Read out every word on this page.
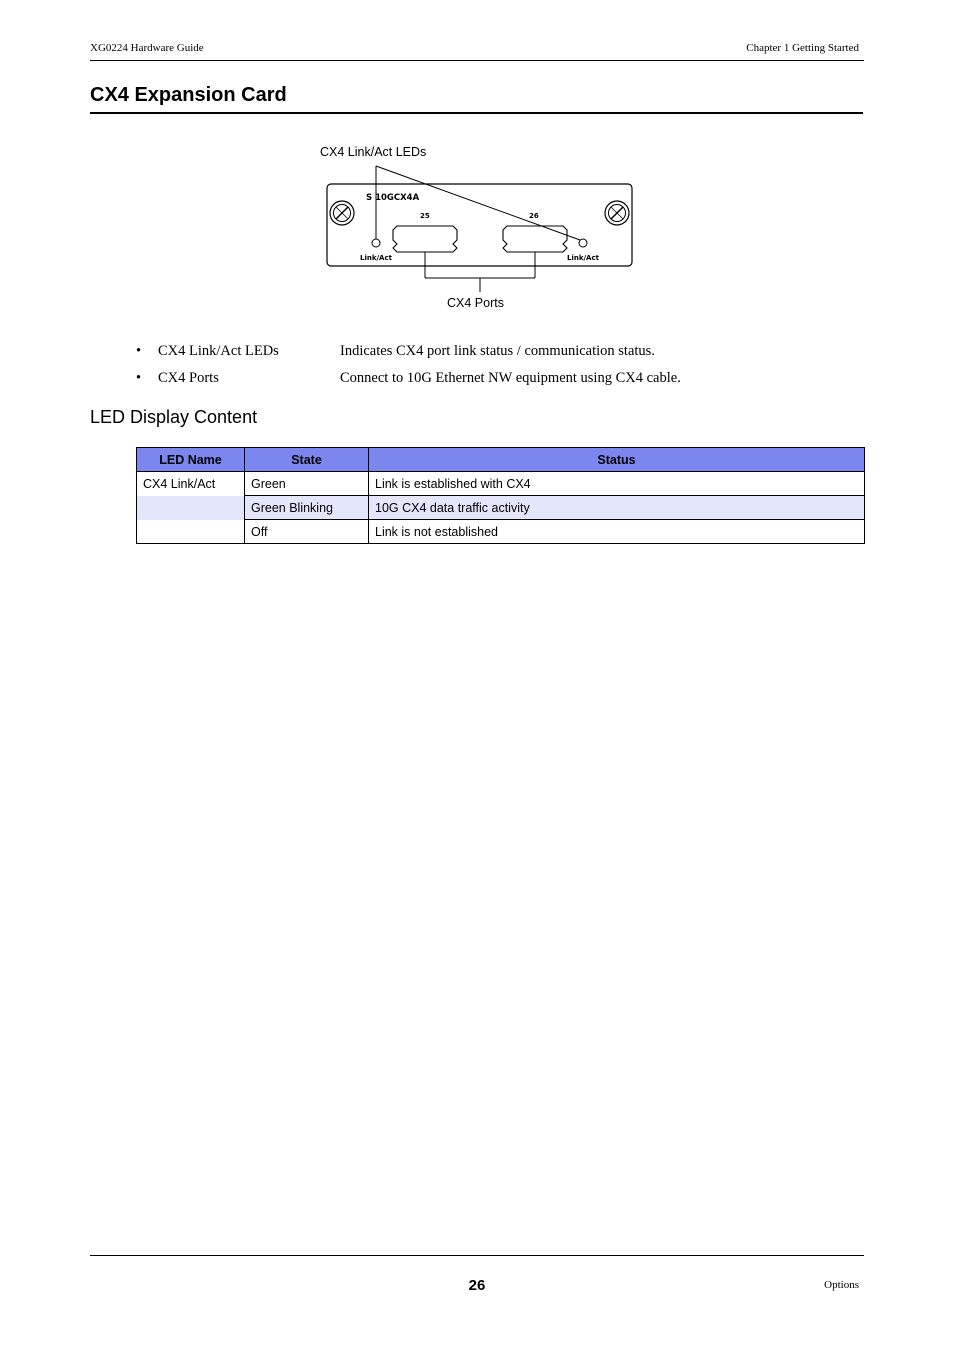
XG0224 Hardware Guide	Chapter 1 Getting Started
CX4 Expansion Card
S 10GCX4A
25	26
Link/Act	Link/Act
CX4 Link/Act LEDs
CX4 Ports
• CX4 Link/Act LEDs	Indicates CX4 port link status / communication status.
• CX4 Ports	Connect to 10G Ethernet NW equipment using CX4 cable.
LED Display Content
LED Name	State	Status
CX4 Link/Act	Green	Link is established with CX4
	Green Blinking	10G CX4 data traffic activity
	Off	Link is not established
26	Options
